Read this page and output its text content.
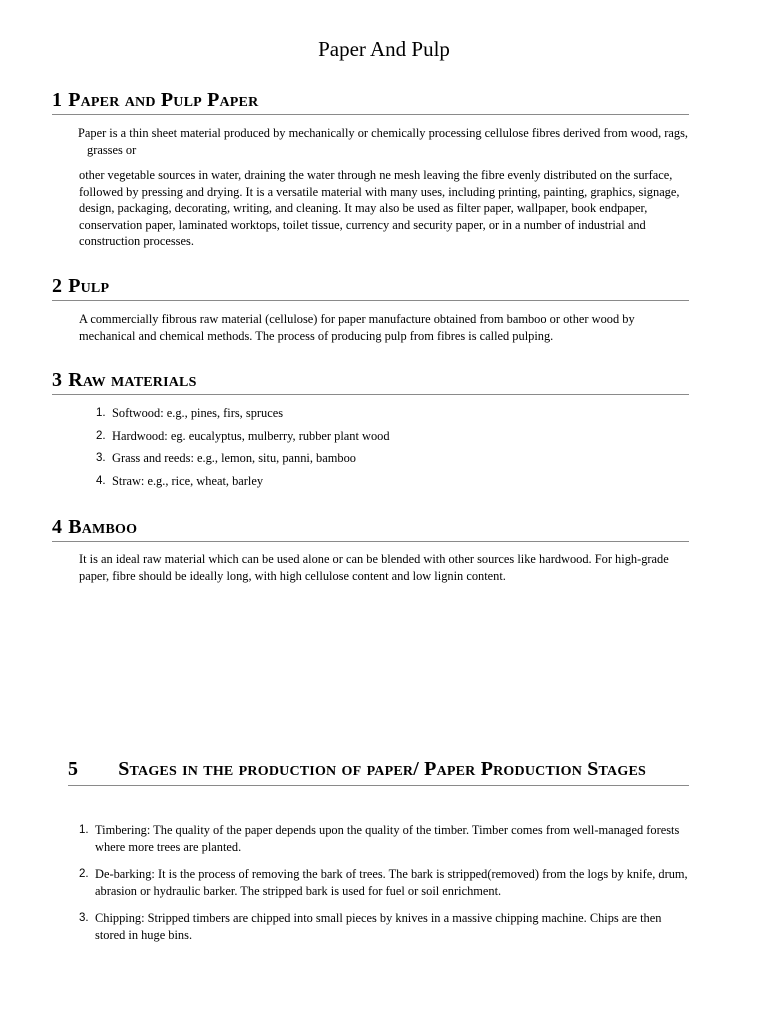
Paper And Pulp
1 Paper and Pulp Paper

Paper is a thin sheet material produced by mechanically or chemically processing cellulose fibres derived from wood, rags, grasses or

other vegetable sources in water, draining the water through ne mesh leaving the fibre evenly distributed on the surface, followed by pressing and drying. It is a versatile material with many uses, including printing, painting, graphics, signage, design, packaging, decorating, writing, and cleaning. It may also be used as filter paper, wallpaper, book endpaper, conservation paper, laminated worktops, toilet tissue, currency and security paper, or in a number of industrial and construction processes.

2 Pulp

A commercially fibrous raw material (cellulose) for paper manufacture obtained from bamboo or other wood by mechanical and chemical methods. The process of producing pulp from fibres is called pulping.

3 Raw materials
1. Softwood: e.g., pines, firs, spruces
2. Hardwood: eg. eucalyptus, mulberry, rubber plant wood
3. Grass and reeds: e.g., lemon, situ, panni, bamboo
4. Straw: e.g., rice, wheat, barley
4 Bamboo

It is an ideal raw material which can be used alone or can be blended with other sources like hardwood. For high-grade paper, fibre should be ideally long, with high cellulose content and low lignin content.

5 Stages in the production of paper/ Paper Production Stages
1. Timbering: The quality of the paper depends upon the quality of the timber. Timber comes from well-managed forests where more trees are planted.
2. De-barking: It is the process of removing the bark of trees. The bark is stripped(removed) from the logs by knife, drum, abrasion or hydraulic barker. The stripped bark is used for fuel or soil enrichment.
3. Chipping: Stripped timbers are chipped into small pieces by knives in a massive chipping machine. Chips are then stored in huge bins.
